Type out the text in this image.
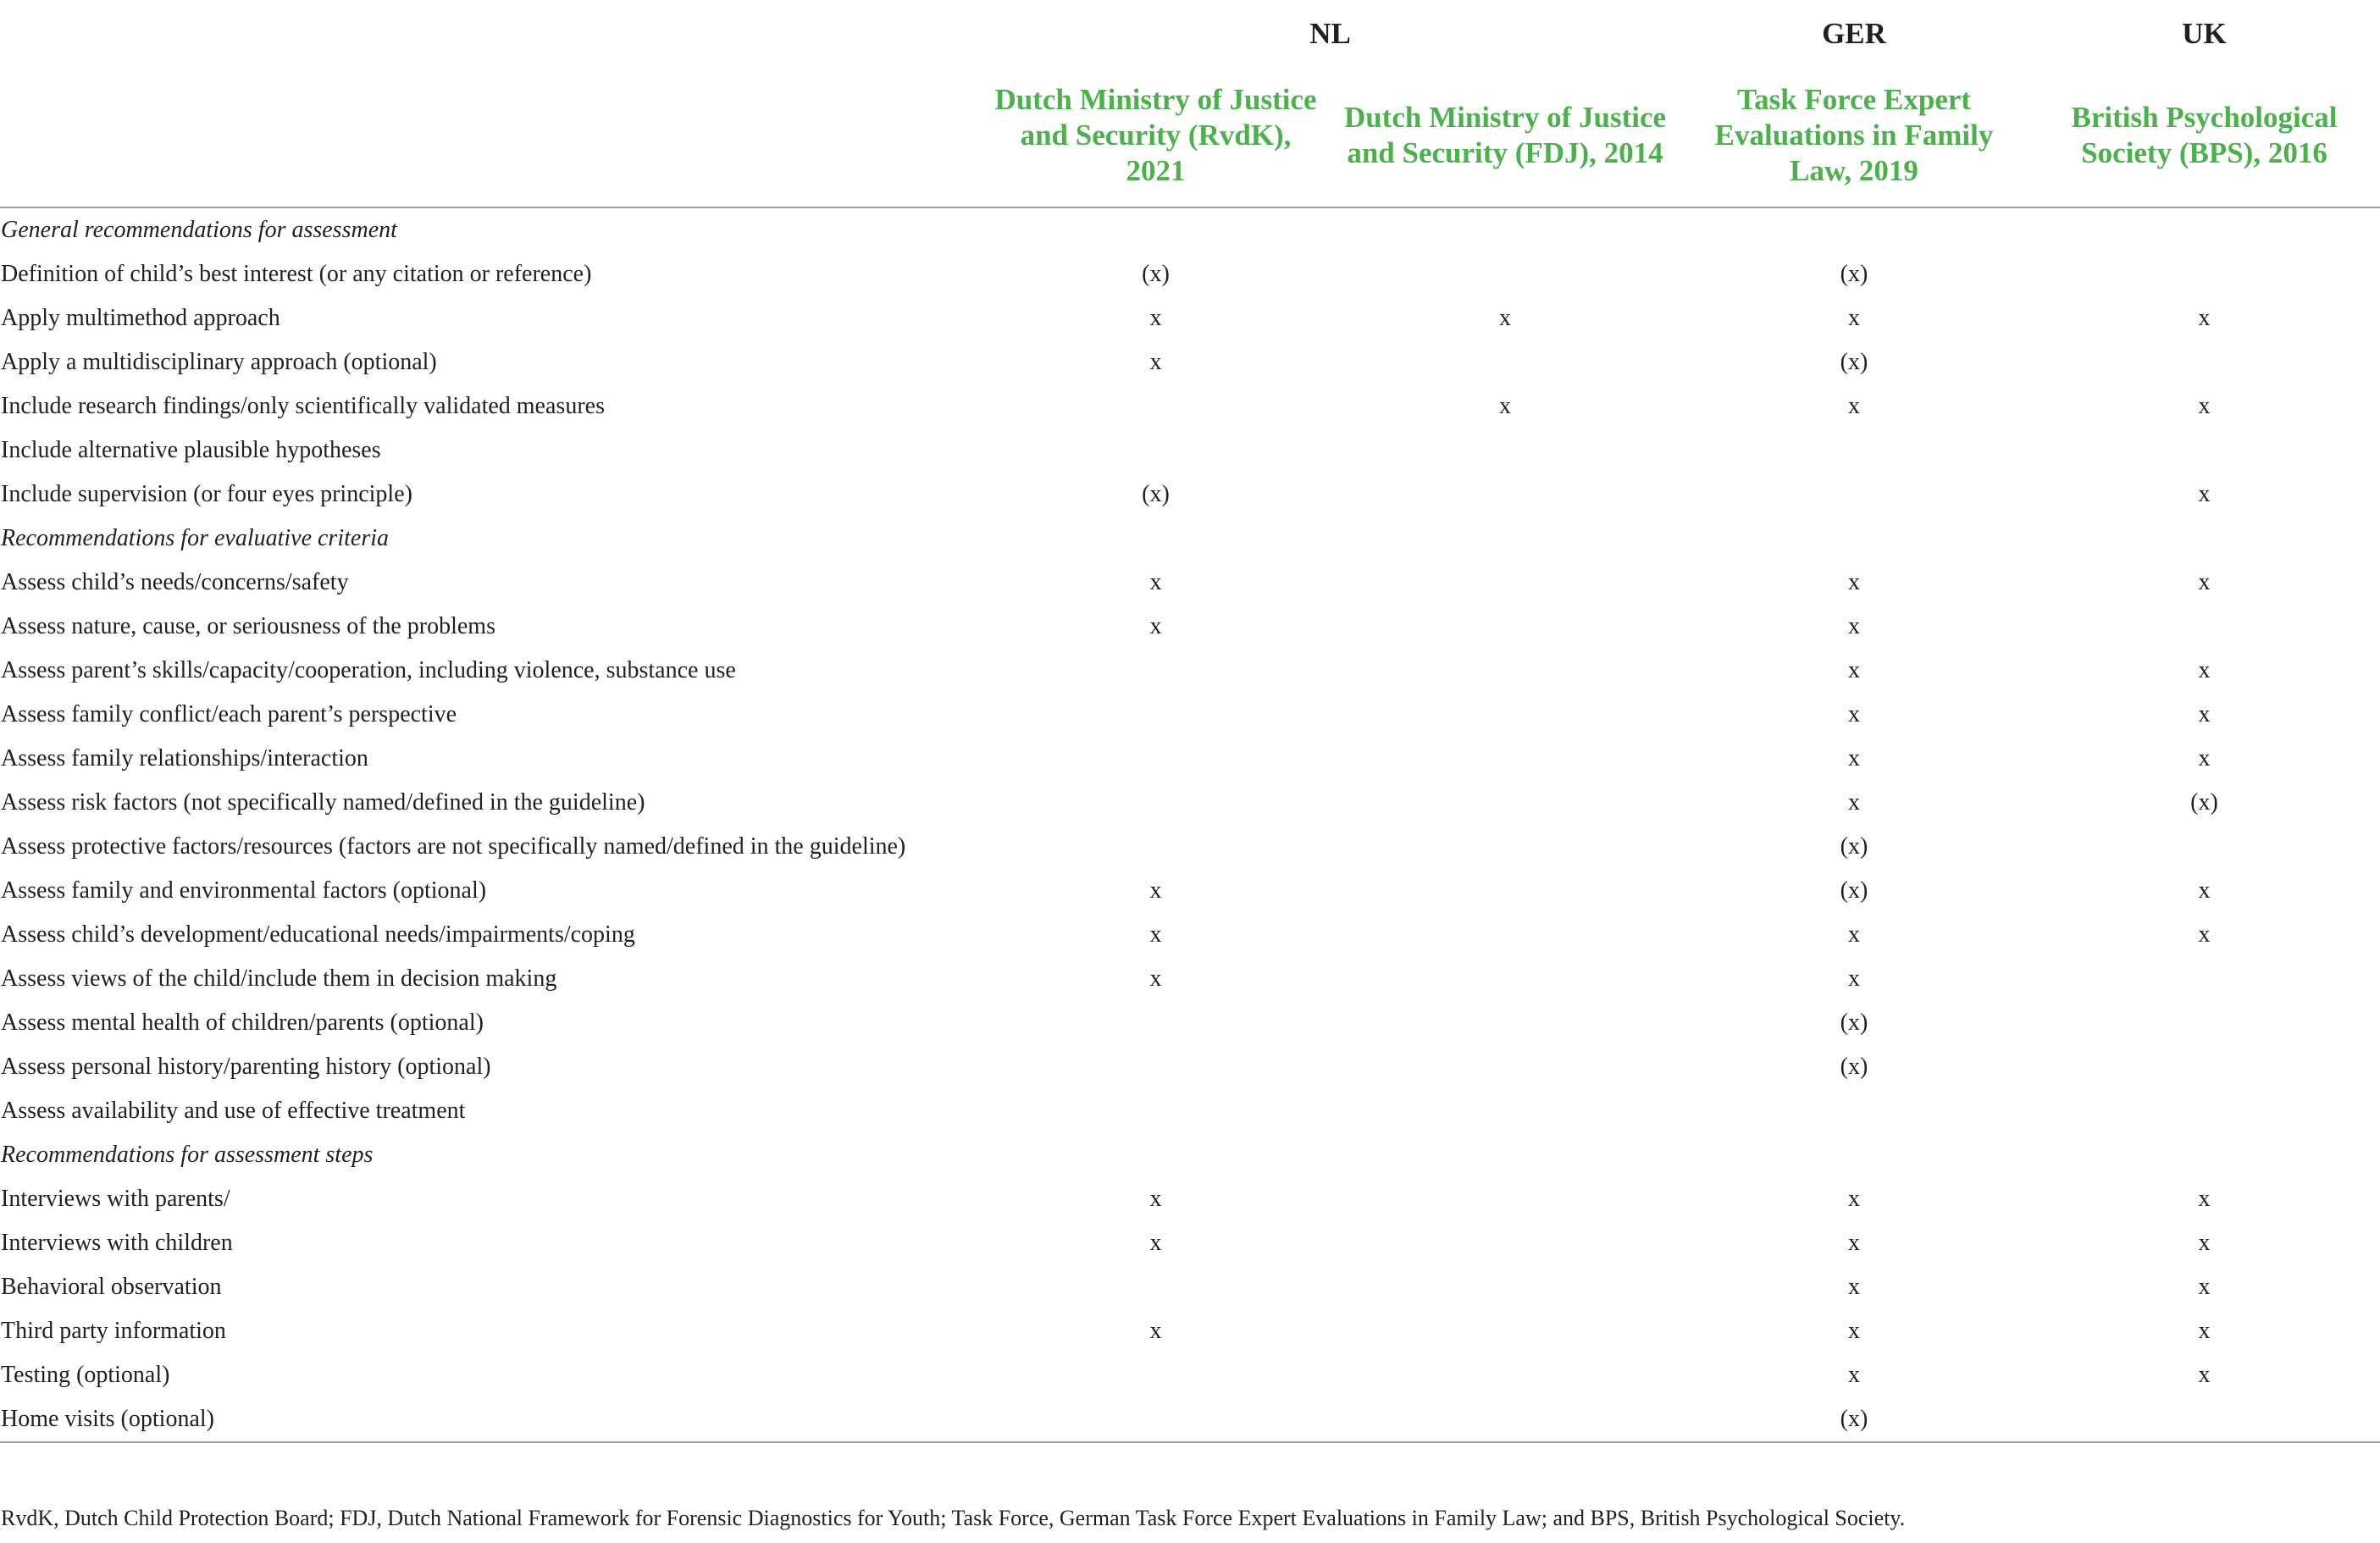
	NL		GER	UK
	Dutch Ministry of Justice and Security (RvdK), 2021	Dutch Ministry of Justice and Security (FDJ), 2014	Task Force Expert Evaluations in Family Law, 2019	British Psychological Society (BPS), 2016
General recommendations for assessment				
Definition of child’s best interest (or any citation or reference)	(x)		(x)	
Apply multimethod approach	x	x	x	x
Apply a multidisciplinary approach (optional)	x		(x)	
Include research findings/only scientifically validated measures		x	x	x
Include alternative plausible hypotheses				
Include supervision (or four eyes principle)	(x)			x
Recommendations for evaluative criteria				
Assess child’s needs/concerns/safety	x		x	x
Assess nature, cause, or seriousness of the problems	x		x	
Assess parent’s skills/capacity/cooperation, including violence, substance use			x	x
Assess family conflict/each parent’s perspective			x	x
Assess family relationships/interaction			x	x
Assess risk factors (not specifically named/defined in the guideline)			x	(x)
Assess protective factors/resources (factors are not specifically named/defined in the guideline)			(x)	
Assess family and environmental factors (optional)	x		(x)	x
Assess child’s development/educational needs/impairments/coping	x		x	x
Assess views of the child/include them in decision making	x		x	
Assess mental health of children/parents (optional)			(x)	
Assess personal history/parenting history (optional)			(x)	
Assess availability and use of effective treatment				
Recommendations for assessment steps				
Interviews with parents/	x		x	x
Interviews with children	x		x	x
Behavioral observation			x	x
Third party information	x		x	x
Testing (optional)			x	x
Home visits (optional)			(x)	
RvdK, Dutch Child Protection Board; FDJ, Dutch National Framework for Forensic Diagnostics for Youth; Task Force, German Task Force Expert Evaluations in Family Law; and BPS, British Psychological Society.
